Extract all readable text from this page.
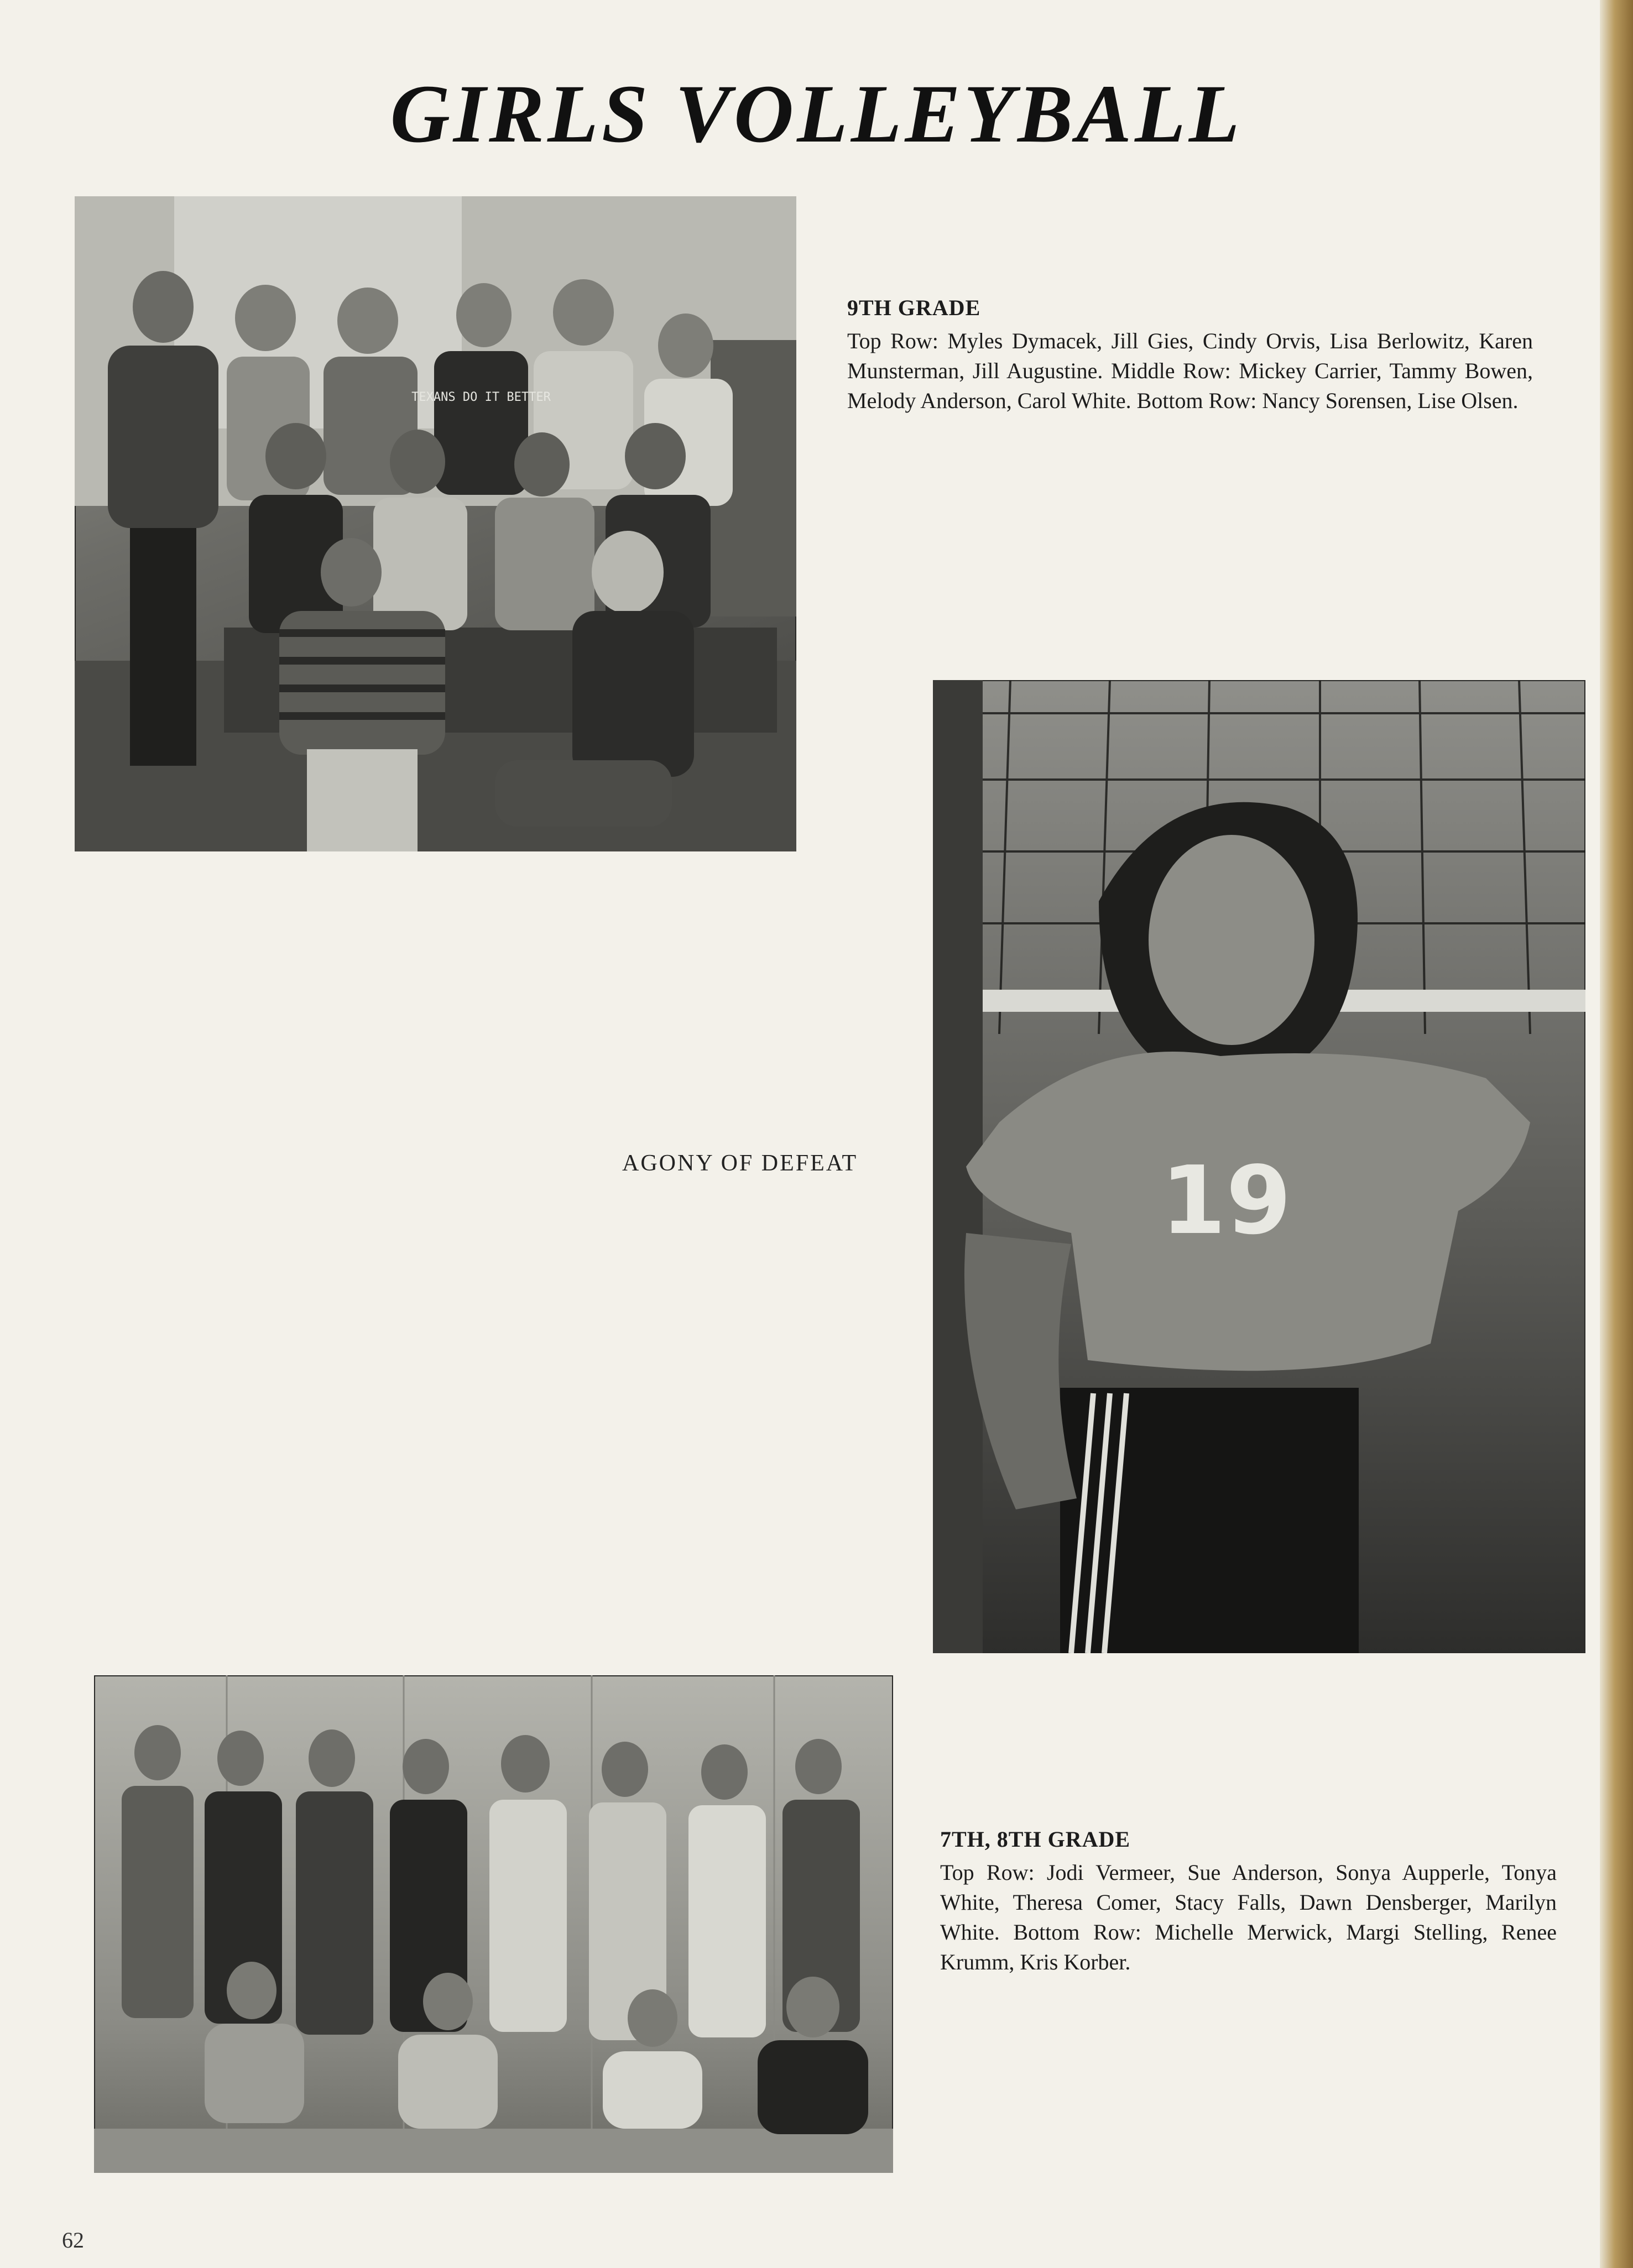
GIRLS VOLLEYBALL
TEXANS DO IT BETTER
9TH GRADE
Top Row: Myles Dymacek, Jill Gies, Cindy Orvis, Lisa Berlowitz, Karen Munsterman, Jill Augustine. Middle Row: Mickey Carrier, Tammy Bowen, Melody Anderson, Carol White. Bottom Row: Nancy Sorensen, Lise Olsen.
19
AGONY OF DEFEAT
7TH, 8TH GRADE
Top Row: Jodi Vermeer, Sue Anderson, Sonya Aupperle, Tonya White, Theresa Comer, Stacy Falls, Dawn Densberger, Marilyn White. Bottom Row: Michelle Merwick, Margi Stelling, Renee Krumm, Kris Korber.
62
